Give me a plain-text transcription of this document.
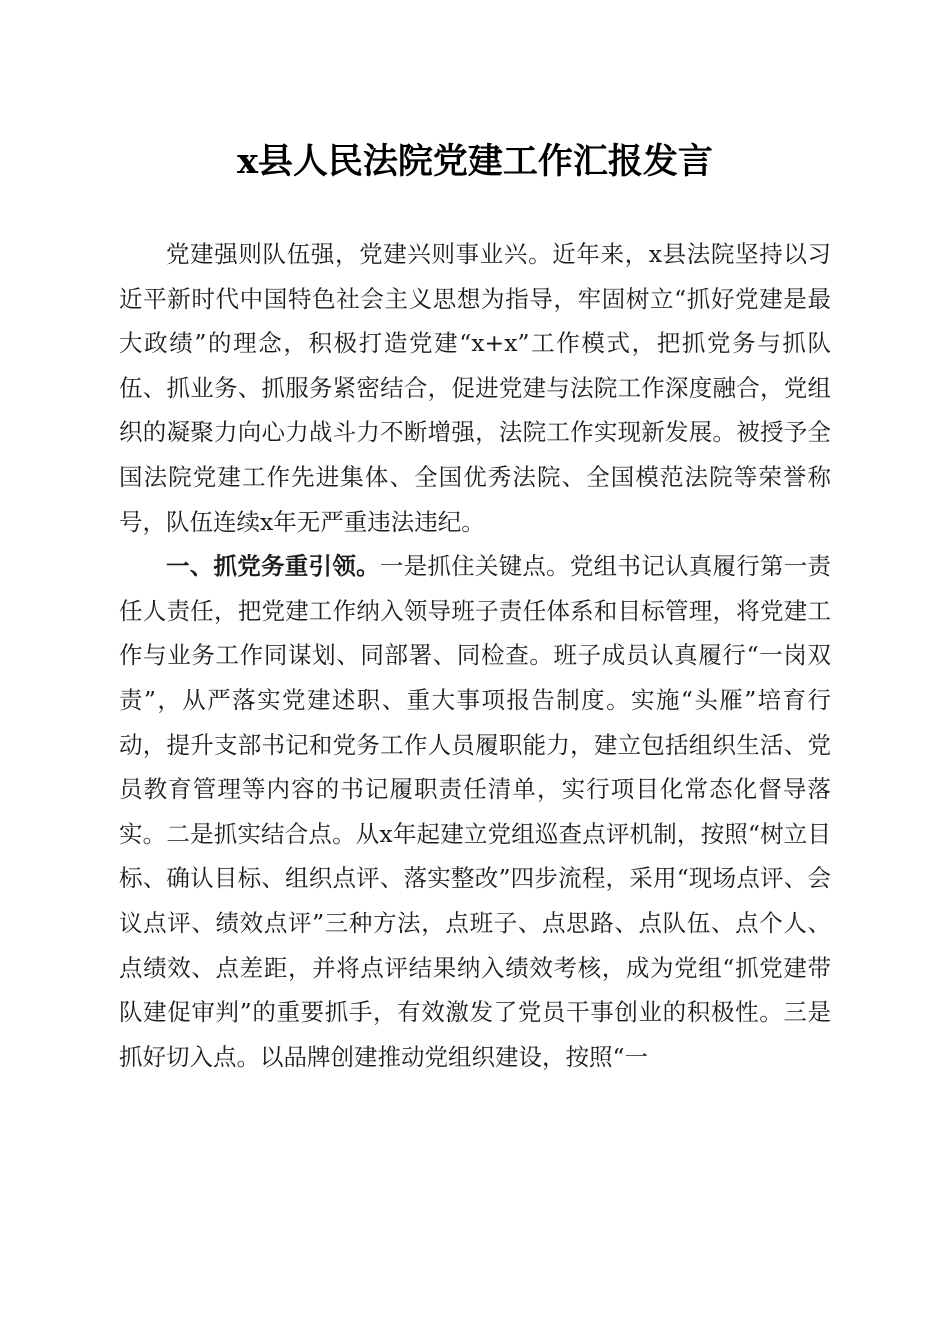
x县人民法院党建工作汇报发言

党建强则队伍强，党建兴则事业兴。近年来，x县法院坚持以习近平新时代中国特色社会主义思想为指导，牢固树立“抓好党建是最大政绩”的理念，积极打造党建“x+x”工作模式，把抓党务与抓队伍、抓业务、抓服务紧密结合，促进党建与法院工作深度融合，党组织的凝聚力向心力战斗力不断增强，法院工作实现新发展。被授予全国法院党建工作先进集体、全国优秀法院、全国模范法院等荣誉称号，队伍连续x年无严重违法违纪。

一、抓党务重引领。一是抓住关键点。党组书记认真履行第一责任人责任，把党建工作纳入领导班子责任体系和目标管理，将党建工作与业务工作同谋划、同部署、同检查。班子成员认真履行“一岗双责”，从严落实党建述职、重大事项报告制度。实施“头雁”培育行动，提升支部书记和党务工作人员履职能力，建立包括组织生活、党员教育管理等内容的书记履职责任清单，实行项目化常态化督导落实。二是抓实结合点。从x年起建立党组巡查点评机制，按照“树立目标、确认目标、组织点评、落实整改”四步流程，采用“现场点评、会议点评、绩效点评”三种方法，点班子、点思路、点队伍、点个人、点绩效、点差距，并将点评结果纳入绩效考核，成为党组“抓党建带队建促审判”的重要抓手，有效激发了党员干事创业的积极性。三是抓好切入点。以品牌创建推动党组织建设，按照“一
